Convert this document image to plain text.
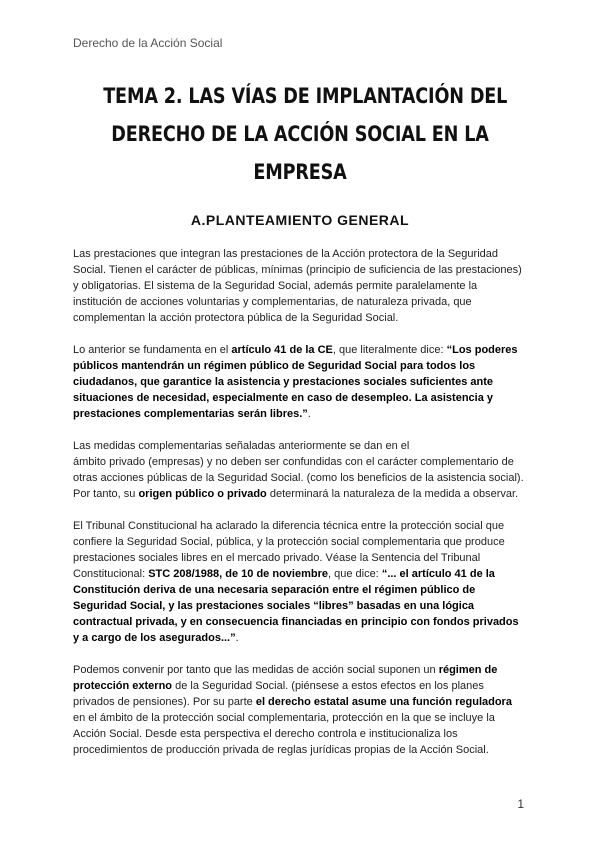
Derecho de la Acción Social
TEMA 2. LAS VÍAS DE IMPLANTACIÓN DEL
DERECHO DE LA ACCIÓN SOCIAL EN LA
EMPRESA
A.PLANTEAMIENTO GENERAL

Las prestaciones que integran las prestaciones de la Acción protectora de la Seguridad
Social. Tienen el carácter de públicas, mínimas (principio de suficiencia de las prestaciones)
y obligatorias. El sistema de la Seguridad Social, además permite paralelamente la
institución de acciones voluntarias y complementarias, de naturaleza privada, que
complementan la acción protectora pública de la Seguridad Social.

Lo anterior se fundamenta en el artículo 41 de la CE, que literalmente dice: “Los poderes
públicos mantendrán un régimen público de Seguridad Social para todos los
ciudadanos, que garantice la asistencia y prestaciones sociales suficientes ante
situaciones de necesidad, especialmente en caso de desempleo. La asistencia y
prestaciones complementarias serán libres.”.

Las medidas complementarias señaladas anteriormente se dan en el
ámbito privado (empresas) y no deben ser confundidas con el carácter complementario de
otras acciones públicas de la Seguridad Social. (como los beneficios de la asistencia social).
Por tanto, su origen público o privado determinará la naturaleza de la medida a observar.

El Tribunal Constitucional ha aclarado la diferencia técnica entre la protección social que
confiere la Seguridad Social, pública, y la protección social complementaria que produce
prestaciones sociales libres en el mercado privado. Véase la Sentencia del Tribunal
Constitucional: STC 208/1988, de 10 de noviembre, que dice: “... el artículo 41 de la
Constitución deriva de una necesaria separación entre el régimen público de
Seguridad Social, y las prestaciones sociales “libres” basadas en una lógica
contractual privada, y en consecuencia financiadas en principio con fondos privados
y a cargo de los asegurados...”.

Podemos convenir por tanto que las medidas de acción social suponen un régimen de
protección externo de la Seguridad Social. (piénsese a estos efectos en los planes
privados de pensiones). Por su parte el derecho estatal asume una función reguladora
en el ámbito de la protección social complementaria, protección en la que se incluye la
Acción Social. Desde esta perspectiva el derecho controla e institucionaliza los
procedimientos de producción privada de reglas jurídicas propias de la Acción Social.

1
